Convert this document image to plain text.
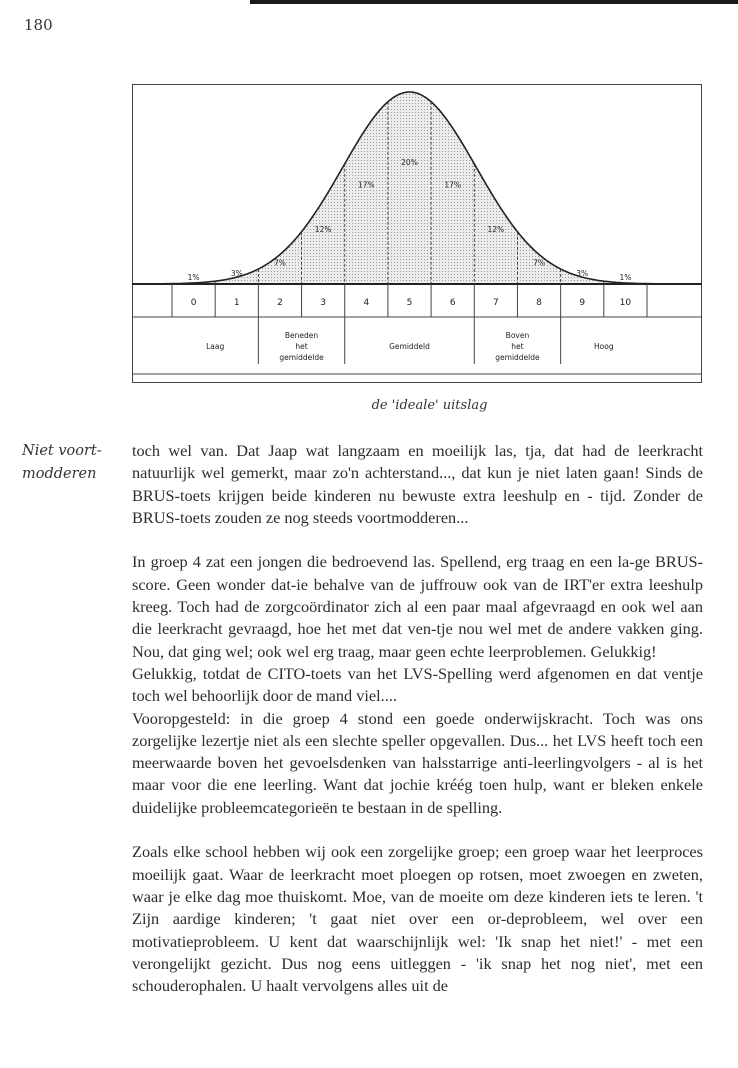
180
1%	3%
7%
12%
17%
20%
17%
12%
7%
3%	1%
0	1	2	3	4	5	6	7	8	9	10
Laag
Beneden
het
gemiddelde
Gemiddeld
Boven
het
gemiddelde
Hoog
de 'ideale' uitslag
Niet voort-
modderen

toch wel van. Dat Jaap wat langzaam en moeilijk las, tja, dat had de leerkracht natuurlijk wel gemerkt, maar zo'n achterstand..., dat kun je niet laten gaan! Sinds de BRUS-toets krijgen beide kinderen nu bewuste extra leeshulp en - tijd. Zonder de BRUS-toets zouden ze nog steeds voortmodderen...

In groep 4 zat een jongen die bedroevend las. Spellend, erg traag en een la-ge BRUS-score. Geen wonder dat-ie behalve van de juffrouw ook van de IRT'er extra leeshulp kreeg. Toch had de zorgcoördinator zich al een paar maal afgevraagd en ook wel aan die leerkracht gevraagd, hoe het met dat ven-tje nou wel met de andere vakken ging. Nou, dat ging wel; ook wel erg traag, maar geen echte leerproblemen. Gelukkig!

Gelukkig, totdat de CITO-toets van het LVS-Spelling werd afgenomen en dat ventje toch wel behoorlijk door de mand viel....

Vooropgesteld: in die groep 4 stond een goede onderwijskracht. Toch was ons zorgelijke lezertje niet als een slechte speller opgevallen. Dus... het LVS heeft toch een meerwaarde boven het gevoelsdenken van halsstarrige anti-leerlingvolgers - al is het maar voor die ene leerling. Want dat jochie kréég toen hulp, want er bleken enkele duidelijke probleemcategorieën te bestaan in de spelling.

Zoals elke school hebben wij ook een zorgelijke groep; een groep waar het leerproces moeilijk gaat. Waar de leerkracht moet ploegen op rotsen, moet zwoegen en zweten, waar je elke dag moe thuiskomt. Moe, van de moeite om deze kinderen iets te leren. 't Zijn aardige kinderen; 't gaat niet over een or-deprobleem, wel over een motivatieprobleem. U kent dat waarschijnlijk wel: 'Ik snap het niet!' - met een verongelijkt gezicht. Dus nog eens uitleggen - 'ik snap het nog niet', met een schouderophalen. U haalt vervolgens alles uit de
